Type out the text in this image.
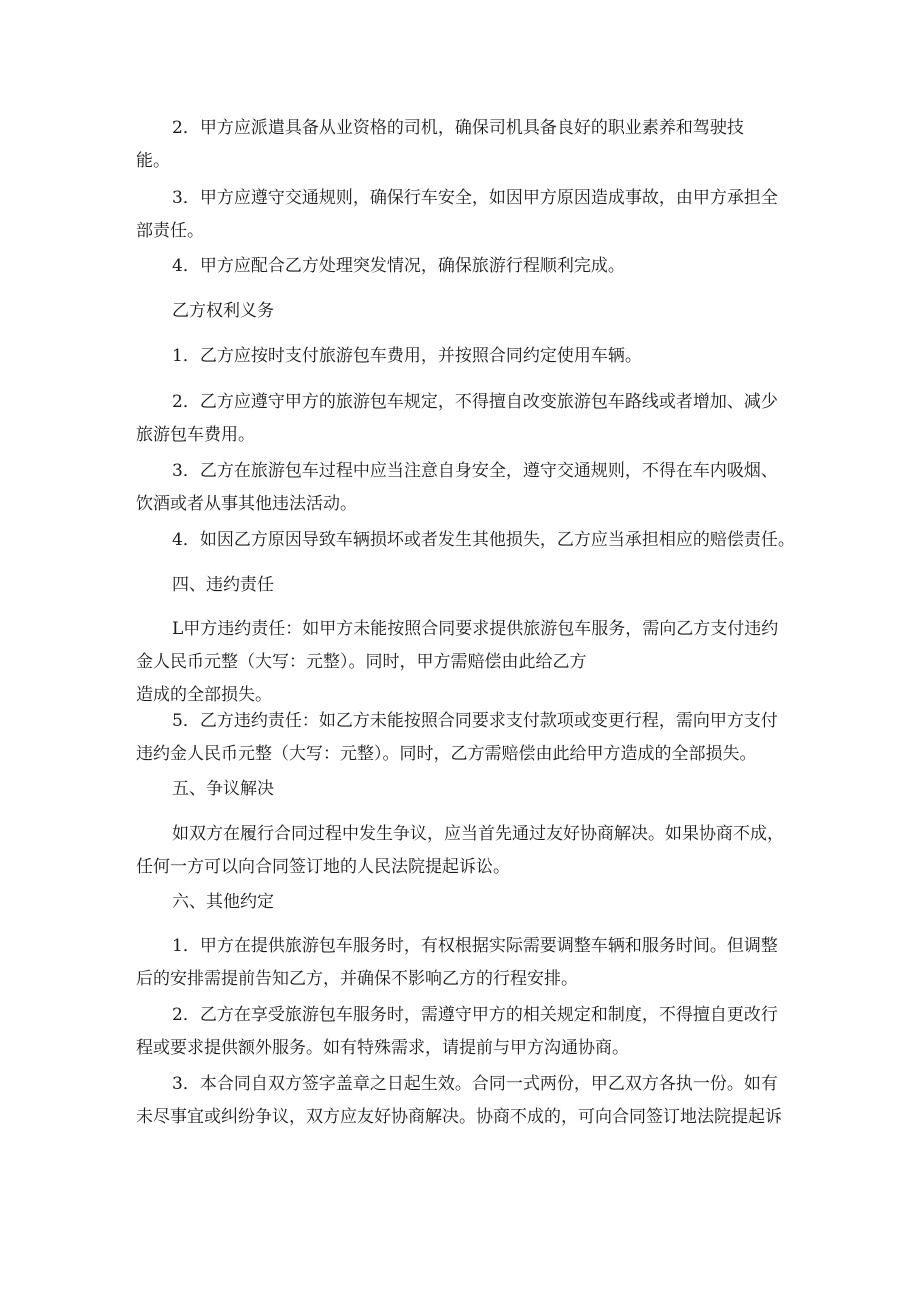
2．甲方应派遣具备从业资格的司机，确保司机具备良好的职业素养和驾驶技
能。

3．甲方应遵守交通规则，确保行车安全，如因甲方原因造成事故，由甲方承担全
部责任。

4．甲方应配合乙方处理突发情况，确保旅游行程顺利完成。

乙方权利义务

1．乙方应按时支付旅游包车费用，并按照合同约定使用车辆。

2．乙方应遵守甲方的旅游包车规定，不得擅自改变旅游包车路线或者增加、减少
旅游包车费用。

3．乙方在旅游包车过程中应当注意自身安全，遵守交通规则，不得在车内吸烟、
饮酒或者从事其他违法活动。

4．如因乙方原因导致车辆损坏或者发生其他损失，乙方应当承担相应的赔偿责任。

四、违约责任

L甲方违约责任：如甲方未能按照合同要求提供旅游包车服务，需向乙方支付违约
金人民币元整（大写：元整）。同时，甲方需赔偿由此给乙方
造成的全部损失。

5．乙方违约责任：如乙方未能按照合同要求支付款项或变更行程，需向甲方支付
违约金人民币元整（大写：元整）。同时，乙方需赔偿由此给甲方造成的全部损失。

五、争议解决

如双方在履行合同过程中发生争议，应当首先通过友好协商解决。如果协商不成，
任何一方可以向合同签订地的人民法院提起诉讼。

六、其他约定

1．甲方在提供旅游包车服务时，有权根据实际需要调整车辆和服务时间。但调整
后的安排需提前告知乙方，并确保不影响乙方的行程安排。

2．乙方在享受旅游包车服务时，需遵守甲方的相关规定和制度，不得擅自更改行
程或要求提供额外服务。如有特殊需求，请提前与甲方沟通协商。

3．本合同自双方签字盖章之日起生效。合同一式两份，甲乙双方各执一份。如有
未尽事宜或纠纷争议，双方应友好协商解决。协商不成的，可向合同签订地法院提起诉
